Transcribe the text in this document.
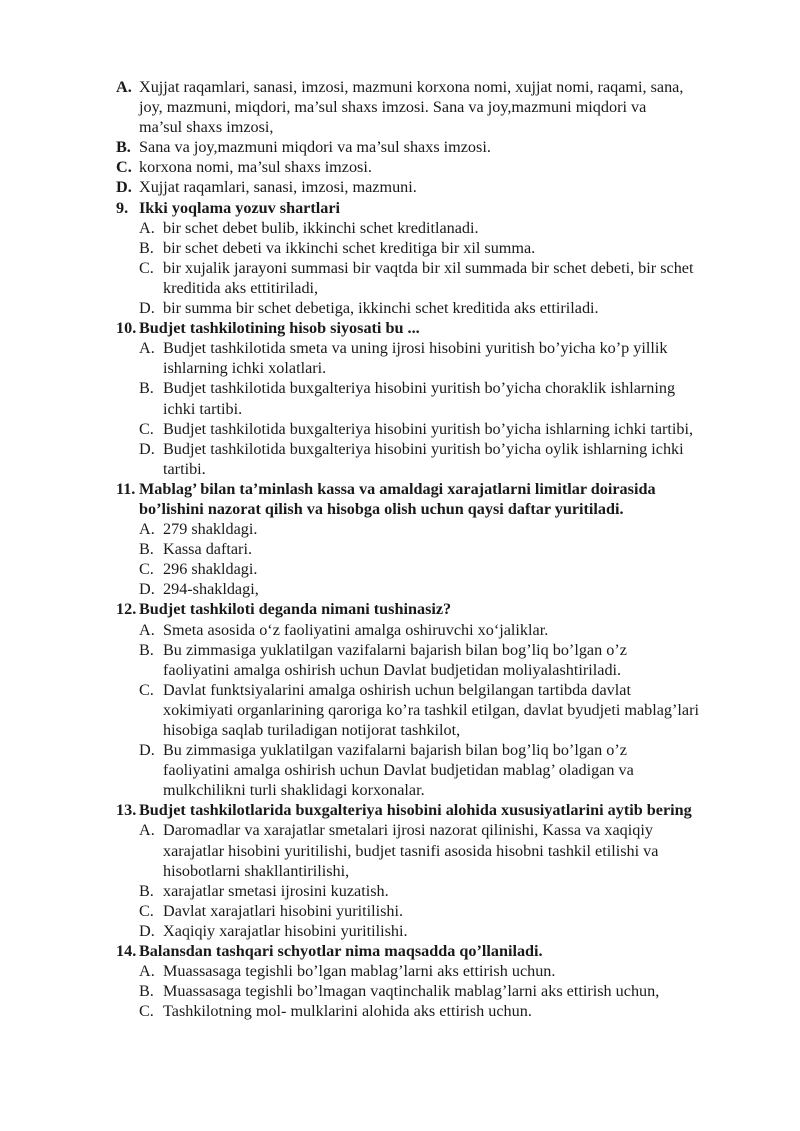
A. Xujjat raqamlari, sanasi, imzosi, mazmuni korxona nomi, xujjat nomi, raqami, sana,
joy, mazmuni, miqdori, ma’sul shaxs imzosi. Sana va joy,mazmuni miqdori va
ma’sul shaxs imzosi,
B. Sana va joy,mazmuni miqdori va ma’sul shaxs imzosi.
C. korxona nomi, ma’sul shaxs imzosi.
D. Xujjat raqamlari, sanasi, imzosi, mazmuni.
9. Ikki yoqlama yozuv shartlari
A. bir schet debet bulib, ikkinchi schet kreditlanadi.
B. bir schet debeti va ikkinchi schet kreditiga bir xil summa.
C. bir xujalik jarayoni summasi bir vaqtda bir xil summada bir schet debeti, bir schet
kreditida aks ettitiriladi,
D. bir summa bir schet debetiga, ikkinchi schet kreditida aks ettiriladi.
10. Budjet tashkilotining hisob siyosati bu ...
A. Budjet tashkilotida smeta va uning ijrosi hisobini yuritish bo’yicha ko’p yillik
ishlarning ichki xolatlari.
B. Budjet tashkilotida buxgalteriya hisobini yuritish bo’yicha choraklik ishlarning
ichki tartibi.
C. Budjet tashkilotida buxgalteriya hisobini yuritish bo’yicha ishlarning ichki tartibi,
D. Budjet tashkilotida buxgalteriya hisobini yuritish bo’yicha oylik ishlarning ichki
tartibi.
11. Mablag’ bilan ta’minlash kassa va amaldagi xarajatlarni limitlar doirasida
bo’lishini nazorat qilish va hisobga olish uchun qaysi daftar yuritiladi.
A. 279 shakldagi.
B. Kassa daftari.
C. 296 shakldagi.
D. 294-shakldagi,
12. Budjet tashkiloti deganda nimani tushinasiz?
A. Smeta asosida o‘z faoliyatini amalga oshiruvchi xo‘jaliklar.
B. Bu zimmasiga yuklatilgan vazifalarni bajarish bilan bog’liq bo’lgan o’z
faoliyatini amalga oshirish uchun Davlat budjetidan moliyalashtiriladi.
C. Davlat funktsiyalarini amalga oshirish uchun belgilangan tartibda davlat
xokimiyati organlarining qaroriga ko’ra tashkil etilgan, davlat byudjeti mablag’lari
hisobiga saqlab turiladigan notijorat tashkilot,
D. Bu zimmasiga yuklatilgan vazifalarni bajarish bilan bog’liq bo’lgan o’z
faoliyatini amalga oshirish uchun Davlat budjetidan mablag’ oladigan va
mulkchilikni turli shaklidagi korxonalar.
13. Budjet tashkilotlarida buxgalteriya hisobini alohida xususiyatlarini aytib bering
A. Daromadlar va xarajatlar smetalari ijrosi nazorat qilinishi, Kassa va xaqiqiy
xarajatlar hisobini yuritilishi, budjet tasnifi asosida hisobni tashkil etilishi va
hisobotlarni shakllantirilishi,
B. xarajatlar smetasi ijrosini kuzatish.
C. Davlat xarajatlari hisobini yuritilishi.
D. Xaqiqiy xarajatlar hisobini yuritilishi.
14. Balansdan tashqari schyotlar nima maqsadda qo’llaniladi.
A. Muassasaga tegishli bo’lgan mablag’larni aks ettirish uchun.
B. Muassasaga tegishli bo’lmagan vaqtinchalik mablag’larni aks ettirish uchun,
C. Tashkilotning mol- mulklarini alohida aks ettirish uchun.
